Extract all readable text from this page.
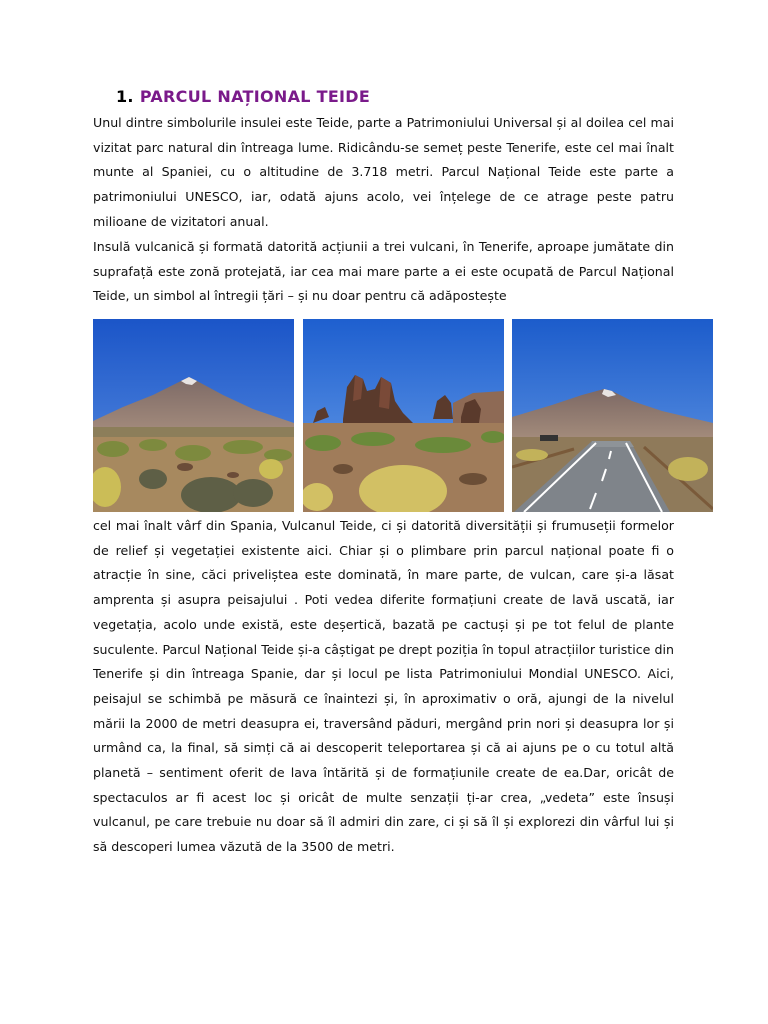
1. PARCUL NAȚIONAL TEIDE
Unul dintre simbolurile insulei este Teide, parte a Patrimoniului Universal și al doilea cel mai vizitat parc natural din întreaga lume. Ridicându-se semeț peste Tenerife, este cel mai înalt munte al Spaniei, cu o altitudine de 3.718 metri. Parcul Național Teide este parte a patrimoniului UNESCO, iar, odată ajuns acolo, vei înțelege de ce atrage peste patru milioane de vizitatori anual.
Insulă vulcanică și formată datorită acțiunii a trei vulcani, în Tenerife, aproape jumătate din suprafață este zonă protejată, iar cea mai mare parte a ei este ocupată de Parcul Național Teide, un simbol al întregii țări – și nu doar pentru că adăpostește
cel mai înalt vârf din Spania, Vulcanul Teide, ci și datorită diversității și frumuseții formelor de relief și vegetației existente aici. Chiar și o plimbare prin parcul național poate fi o atracție în sine, căci priveliștea este dominată, în mare parte, de vulcan, care și-a lăsat amprenta și asupra peisajului . Poti vedea diferite formațiuni create de lavă uscată, iar vegetația, acolo unde există, este deșertică, bazată pe cactuși și pe tot felul de plante suculente. Parcul Național Teide și-a câștigat pe drept poziția în topul atracțiilor turistice din Tenerife și din întreaga Spanie, dar și locul pe lista Patrimoniului Mondial UNESCO. Aici, peisajul se schimbă pe măsură ce înaintezi și, în aproximativ o oră, ajungi de la nivelul mării la 2000 de metri deasupra ei, traversând păduri, mergând prin nori și deasupra lor și urmând ca, la final, să simți că ai descoperit teleportarea și că ai ajuns pe o cu totul altă planetă – sentiment oferit de lava întărită și de formațiunile create de ea.Dar, oricât de spectaculos ar fi acest loc și oricât de multe senzații ți-ar crea, „vedeta” este însuși vulcanul, pe care trebuie nu doar să îl admiri din zare, ci și să îl și explorezi din vârful lui și să descoperi lumea văzută de la 3500 de metri.
